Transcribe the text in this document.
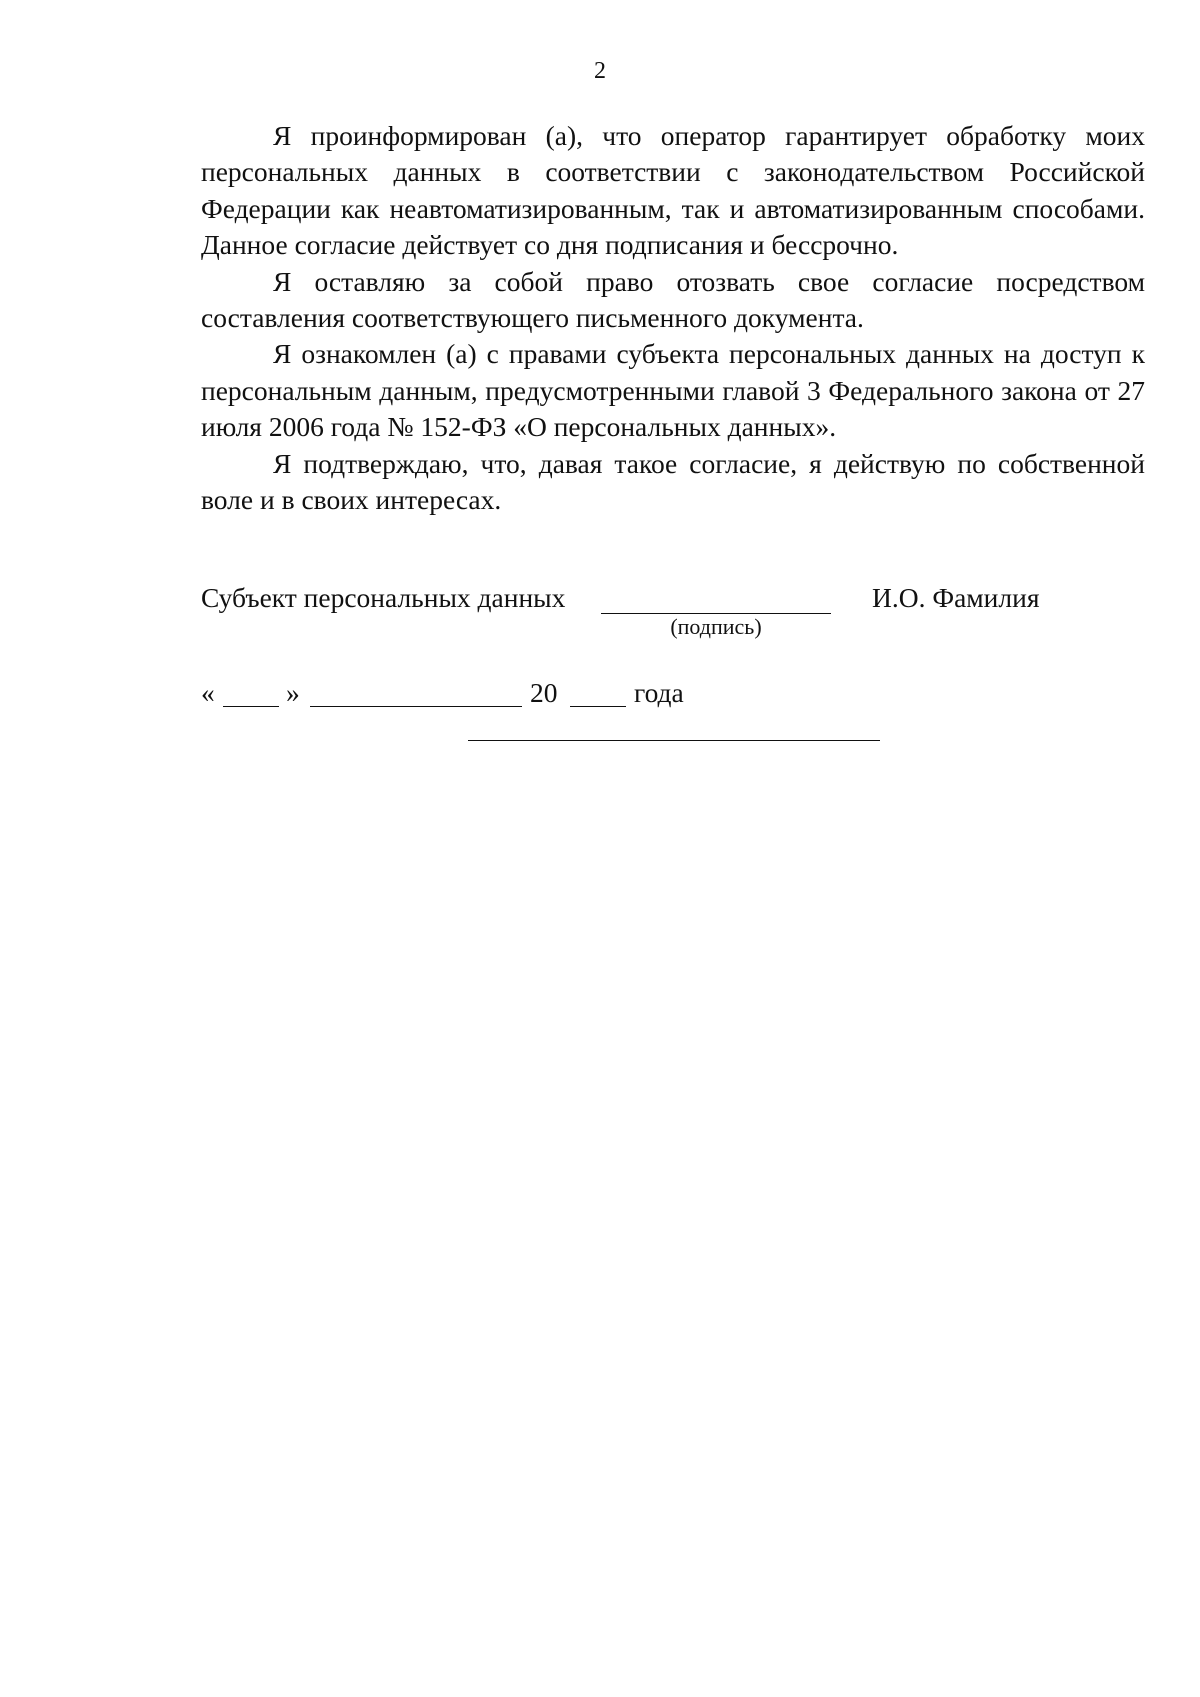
2

Я проинформирован (а), что оператор гарантирует обработку моих персональных данных в соответствии с законодательством Российской Федерации как неавтоматизированным, так и автоматизированным способами. Данное согласие действует со дня подписания и бессрочно.

Я оставляю за собой право отозвать свое согласие посредством составления соответствующего письменного документа.

Я ознакомлен (а) с правами субъекта персональных данных на доступ к персональным данным, предусмотренными главой 3 Федерального закона от 27 июля 2006 года № 152-ФЗ «О персональных данных».

Я подтверждаю, что, давая такое согласие, я действую по собственной воле и в своих интересах.

Субъект персональных данных
(подпись)
И.О. Фамилия
«	»	20	года
